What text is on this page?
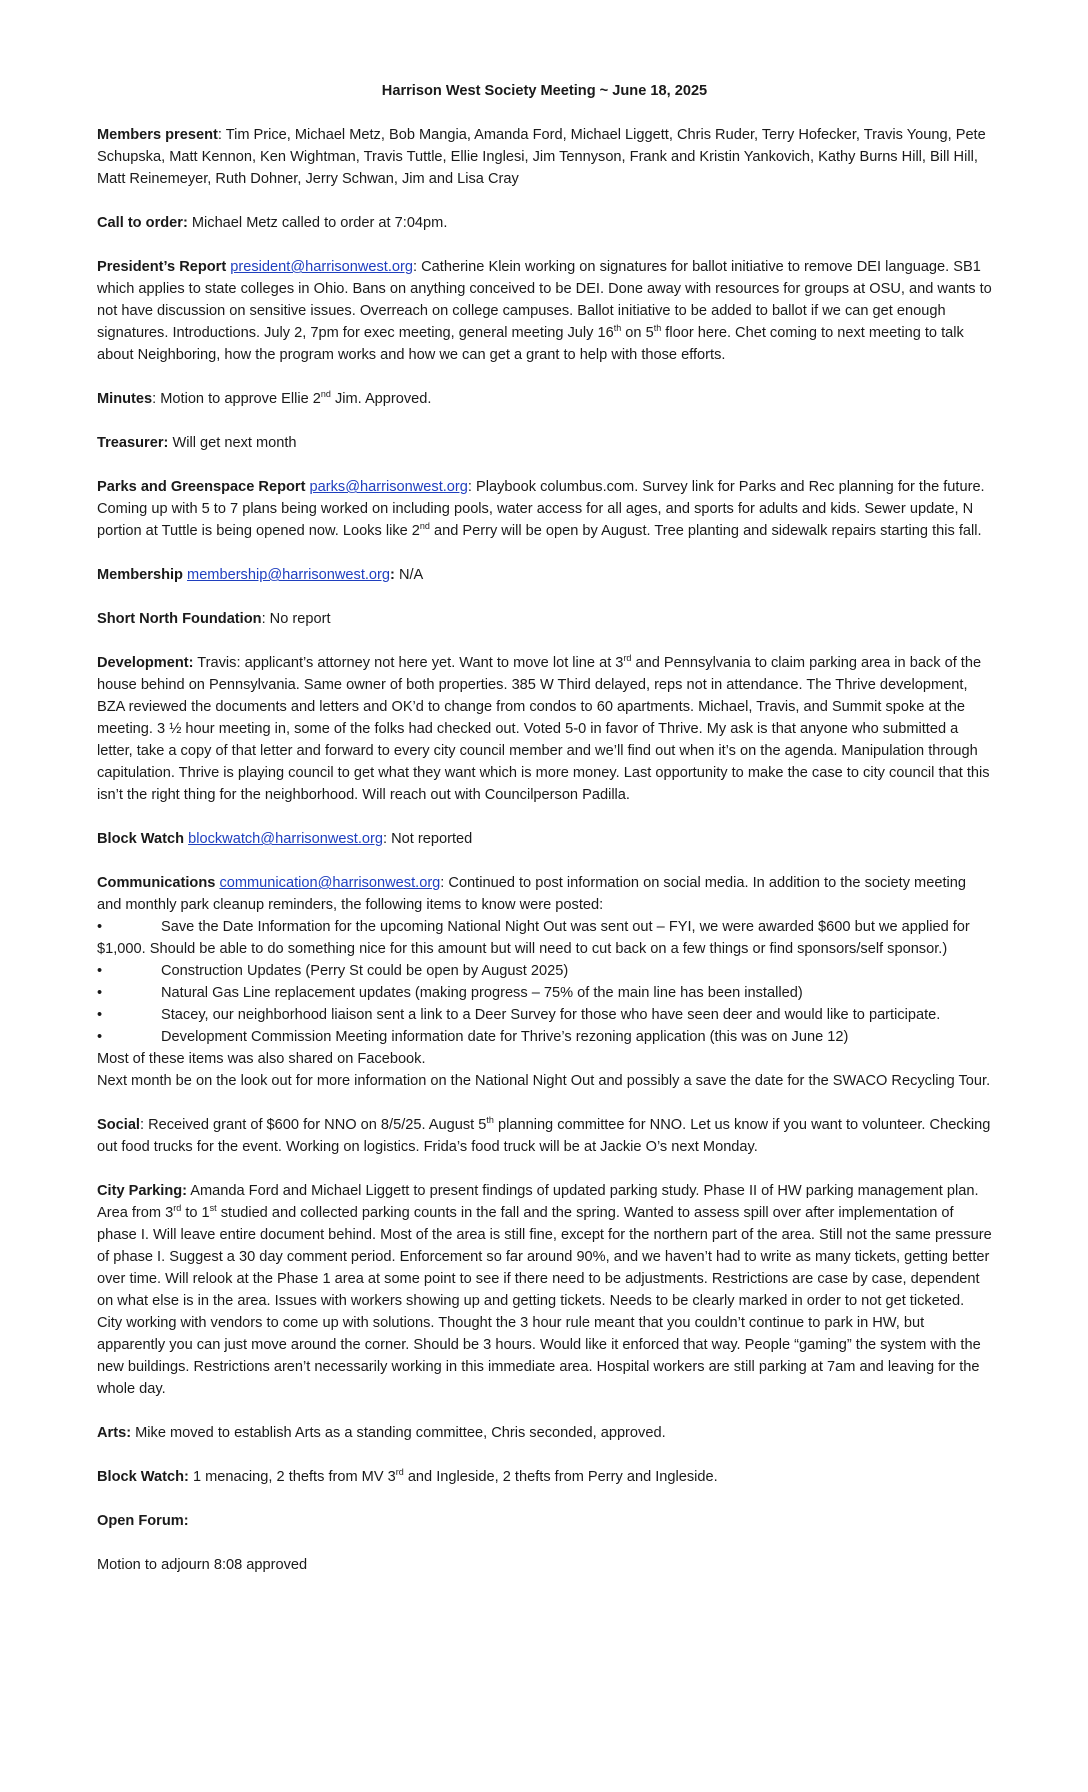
Harrison West Society Meeting ~ June 18, 2025

Members present: Tim Price, Michael Metz, Bob Mangia, Amanda Ford, Michael Liggett, Chris Ruder, Terry Hofecker, Travis Young, Pete Schupska, Matt Kennon, Ken Wightman, Travis Tuttle, Ellie Inglesi, Jim Tennyson, Frank and Kristin Yankovich, Kathy Burns Hill, Bill Hill, Matt Reinemeyer, Ruth Dohner, Jerry Schwan, Jim and Lisa Cray

Call to order: Michael Metz called to order at 7:04pm.

President’s Report president@harrisonwest.org: Catherine Klein working on signatures for ballot initiative to remove DEI language. SB1 which applies to state colleges in Ohio. Bans on anything conceived to be DEI. Done away with resources for groups at OSU, and wants to not have discussion on sensitive issues. Overreach on college campuses. Ballot initiative to be added to ballot if we can get enough signatures. Introductions. July 2, 7pm for exec meeting, general meeting July 16th on 5th floor here. Chet coming to next meeting to talk about Neighboring, how the program works and how we can get a grant to help with those efforts.

Minutes: Motion to approve Ellie 2nd Jim. Approved.

Treasurer: Will get next month

Parks and Greenspace Report parks@harrisonwest.org: Playbook columbus.com. Survey link for Parks and Rec planning for the future. Coming up with 5 to 7 plans being worked on including pools, water access for all ages, and sports for adults and kids. Sewer update, N portion at Tuttle is being opened now. Looks like 2nd and Perry will be open by August. Tree planting and sidewalk repairs starting this fall.

Membership membership@harrisonwest.org: N/A

Short North Foundation: No report

Development: Travis: applicant’s attorney not here yet. Want to move lot line at 3rd and Pennsylvania to claim parking area in back of the house behind on Pennsylvania. Same owner of both properties. 385 W Third delayed, reps not in attendance. The Thrive development, BZA reviewed the documents and letters and OK’d to change from condos to 60 apartments. Michael, Travis, and Summit spoke at the meeting. 3 ½ hour meeting in, some of the folks had checked out. Voted 5-0 in favor of Thrive. My ask is that anyone who submitted a letter, take a copy of that letter and forward to every city council member and we’ll find out when it’s on the agenda. Manipulation through capitulation. Thrive is playing council to get what they want which is more money. Last opportunity to make the case to city council that this isn’t the right thing for the neighborhood. Will reach out with Councilperson Padilla.

Block Watch blockwatch@harrisonwest.org: Not reported

Communications communication@harrisonwest.org: Continued to post information on social media. In addition to the society meeting and monthly park cleanup reminders, the following items to know were posted:

•	Save the Date Information for the upcoming National Night Out was sent out – FYI, we were awarded $600 but we applied for $1,000. Should be able to do something nice for this amount but will need to cut back on a few things or find sponsors/self sponsor.)

•	Construction Updates (Perry St could be open by August 2025)

•	Natural Gas Line replacement updates (making progress – 75% of the main line has been installed)

•	Stacey, our neighborhood liaison sent a link to a Deer Survey for those who have seen deer and would like to participate.

•	Development Commission Meeting information date for Thrive’s rezoning application (this was on June 12)

Most of these items was also shared on Facebook.

Next month be on the look out for more information on the National Night Out and possibly a save the date for the SWACO Recycling Tour.

Social: Received grant of $600 for NNO on 8/5/25. August 5th planning committee for NNO. Let us know if you want to volunteer. Checking out food trucks for the event. Working on logistics. Frida’s food truck will be at Jackie O’s next Monday.

City Parking: Amanda Ford and Michael Liggett to present findings of updated parking study. Phase II of HW parking management plan. Area from 3rd to 1st studied and collected parking counts in the fall and the spring. Wanted to assess spill over after implementation of phase I. Will leave entire document behind. Most of the area is still fine, except for the northern part of the area. Still not the same pressure of phase I. Suggest a 30 day comment period. Enforcement so far around 90%, and we haven’t had to write as many tickets, getting better over time. Will relook at the Phase 1 area at some point to see if there need to be adjustments. Restrictions are case by case, dependent on what else is in the area. Issues with workers showing up and getting tickets. Needs to be clearly marked in order to not get ticketed. City working with vendors to come up with solutions. Thought the 3 hour rule meant that you couldn’t continue to park in HW, but apparently you can just move around the corner. Should be 3 hours. Would like it enforced that way. People “gaming” the system with the new buildings. Restrictions aren’t necessarily working in this immediate area. Hospital workers are still parking at 7am and leaving for the whole day.

Arts: Mike moved to establish Arts as a standing committee, Chris seconded, approved.

Block Watch: 1 menacing, 2 thefts from MV 3rd and Ingleside, 2 thefts from Perry and Ingleside.

Open Forum:

Motion to adjourn 8:08 approved
